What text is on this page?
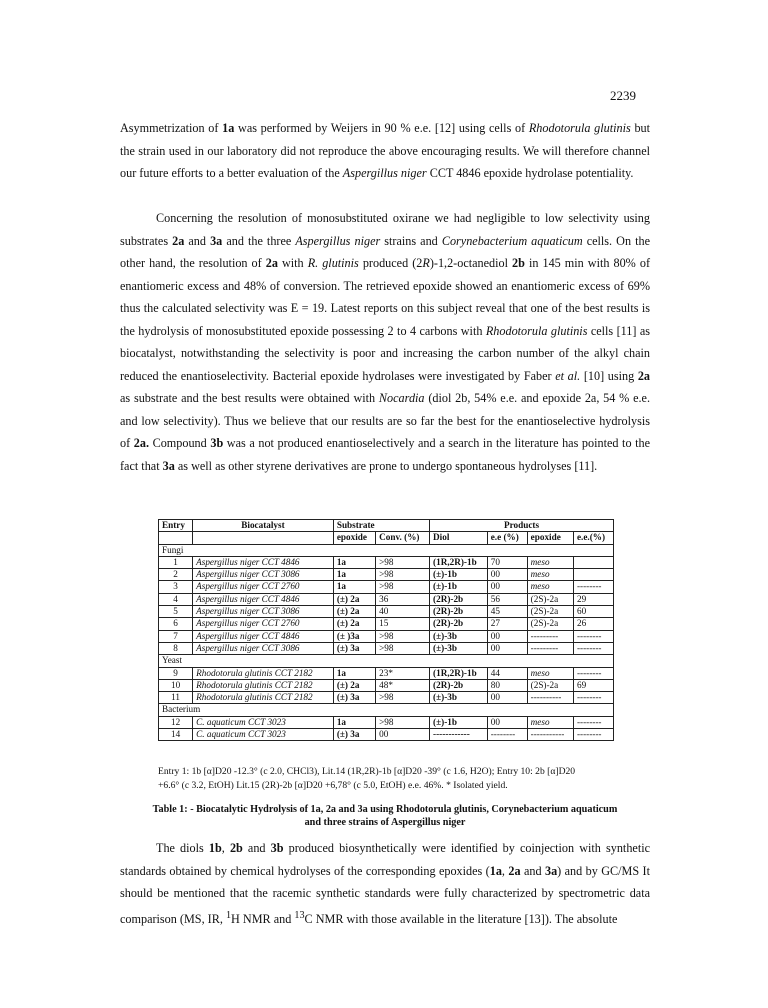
2239

Asymmetrization of 1a was performed by Weijers in 90 % e.e. [12] using cells of Rhodotorula glutinis but the strain used in our laboratory did not reproduce the above encouraging results. We will therefore channel our future efforts to a better evaluation of the Aspergillus niger CCT 4846 epoxide hydrolase potentiality.

Concerning the resolution of monosubstituted oxirane we had negligible to low selectivity using substrates 2a and 3a and the three Aspergillus niger strains and Corynebacterium aquaticum cells. On the other hand, the resolution of 2a with R. glutinis produced (2R)-1,2-octanediol 2b in 145 min with 80% of enantiomeric excess and 48% of conversion. The retrieved epoxide showed an enantiomeric excess of 69% thus the calculated selectivity was E = 19. Latest reports on this subject reveal that one of the best results is the hydrolysis of monosubstituted epoxide possessing 2 to 4 carbons with Rhodotorula glutinis cells [11] as biocatalyst, notwithstanding the selectivity is poor and increasing the carbon number of the alkyl chain reduced the enantioselectivity. Bacterial epoxide hydrolases were investigated by Faber et al. [10] using 2a as substrate and the best results were obtained with Nocardia (diol 2b, 54% e.e. and epoxide 2a, 54 % e.e. and low selectivity). Thus we believe that our results are so far the best for the enantioselective hydrolysis of 2a. Compound 3b was a not produced enantioselectively and a search in the literature has pointed to the fact that 3a as well as other styrene derivatives are prone to undergo spontaneous hydrolyses [11].

Entry	Biocatalyst	Substrate		Products			
		epoxide	Conv. (%)	Diol	e.e (%)	epoxide	e.e.(%)
Fungi							
1	Aspergillus niger CCT 4846	1a	>98	(1R,2R)-1b	70	meso	
2	Aspergillus niger CCT 3086	1a	>98	(±)-1b	00	meso	
3	Aspergillus niger CCT 2760	1a	>98	(±)-1b	00	meso	--------
4	Aspergillus niger CCT 4846	(±) 2a	36	(2R)-2b	56	(2S)-2a	29
5	Aspergillus niger CCT 3086	(±) 2a	40	(2R)-2b	45	(2S)-2a	60
6	Aspergillus niger CCT 2760	(±) 2a	15	(2R)-2b	27	(2S)-2a	26
7	Aspergillus niger CCT 4846	(± )3a	>98	(±)-3b	00	---------	--------
8	Aspergillus niger CCT 3086	(±) 3a	>98	(±)-3b	00	---------	--------
Yeast							
9	Rhodotorula glutinis CCT 2182	1a	23*	(1R,2R)-1b	44	meso	--------
10	Rhodotorula glutinis CCT 2182	(±) 2a	48*	(2R)-2b	80	(2S)-2a	69
11	Rhodotorula glutinis CCT 2182	(±) 3a	>98	(±)-3b	00	----------	--------
Bacterium							
12	C. aquaticum CCT 3023	1a	>98	(±)-1b	00	meso	--------
14	C. aquaticum CCT 3023	(±) 3a	00	------------	--------	-----------	--------
Entry 1: 1b [α]D20 -12.3° (c 2.0, CHCl3), Lit.14 (1R,2R)-1b [α]D20 -39° (c 1.6, H2O); Entry 10: 2b [α]D20
+6.6° (c 3.2, EtOH) Lit.15 (2R)-2b [α]D20 +6,78° (c 5.0, EtOH) e.e. 46%. * Isolated yield.
Table 1: - Biocatalytic Hydrolysis of 1a, 2a and 3a using Rhodotorula glutinis, Corynebacterium aquaticum
and three strains of Aspergillus niger

The diols 1b, 2b and 3b produced biosynthetically were identified by coinjection with synthetic standards obtained by chemical hydrolyses of the corresponding epoxides (1a, 2a and 3a) and by GC/MS It should be mentioned that the racemic synthetic standards were fully characterized by spectrometric data comparison (MS, IR, $^1$H NMR and $^{13}$C NMR with those available in the literature [13]). The absolute
